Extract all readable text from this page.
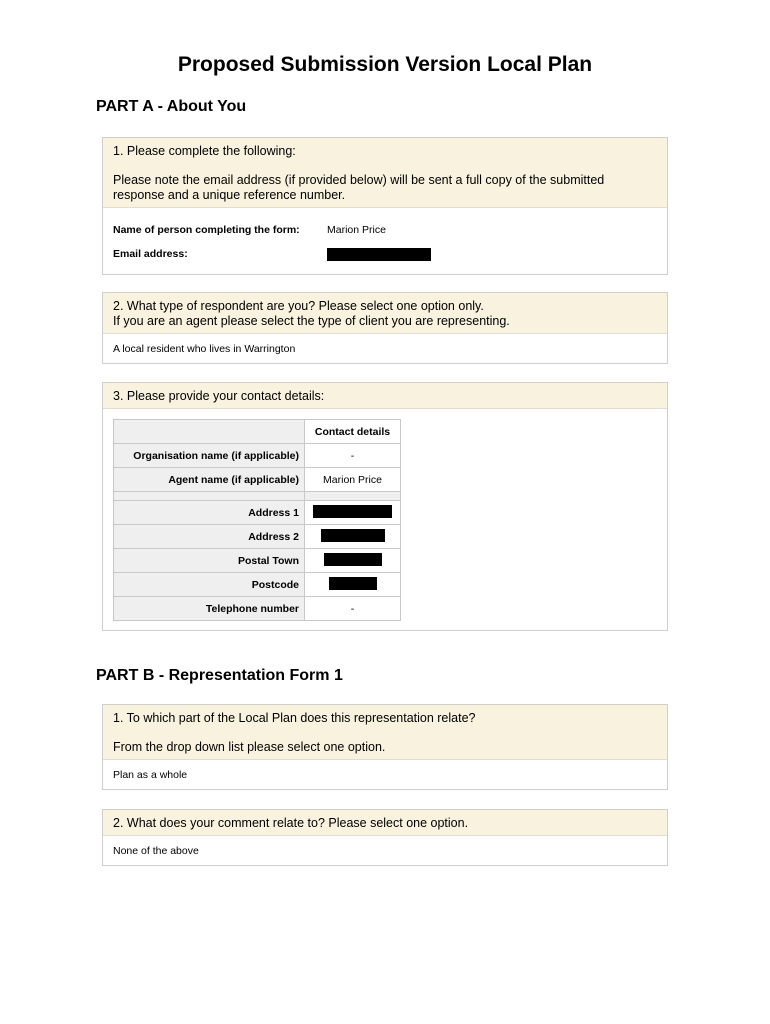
Proposed Submission Version Local Plan
PART A - About You

1. Please complete the following:

Please note the email address (if provided below) will be sent a full copy of the submitted response and a unique reference number.

Name of person completing the form:	Marion Price
Email address:

2. What type of respondent are you? Please select one option only.

If you are an agent please select the type of client you are representing.

A local resident who lives in Warrington

3. Please provide your contact details:

	Contact details
Organisation name (if applicable)	-
Agent name (if applicable)	Marion Price

Address 1	
Address 2	
Postal Town	
Postcode	
Telephone number	-
PART B - Representation Form 1

1. To which part of the Local Plan does this representation relate?

From the drop down list please select one option.

Plan as a whole

2. What does your comment relate to? Please select one option.

None of the above
